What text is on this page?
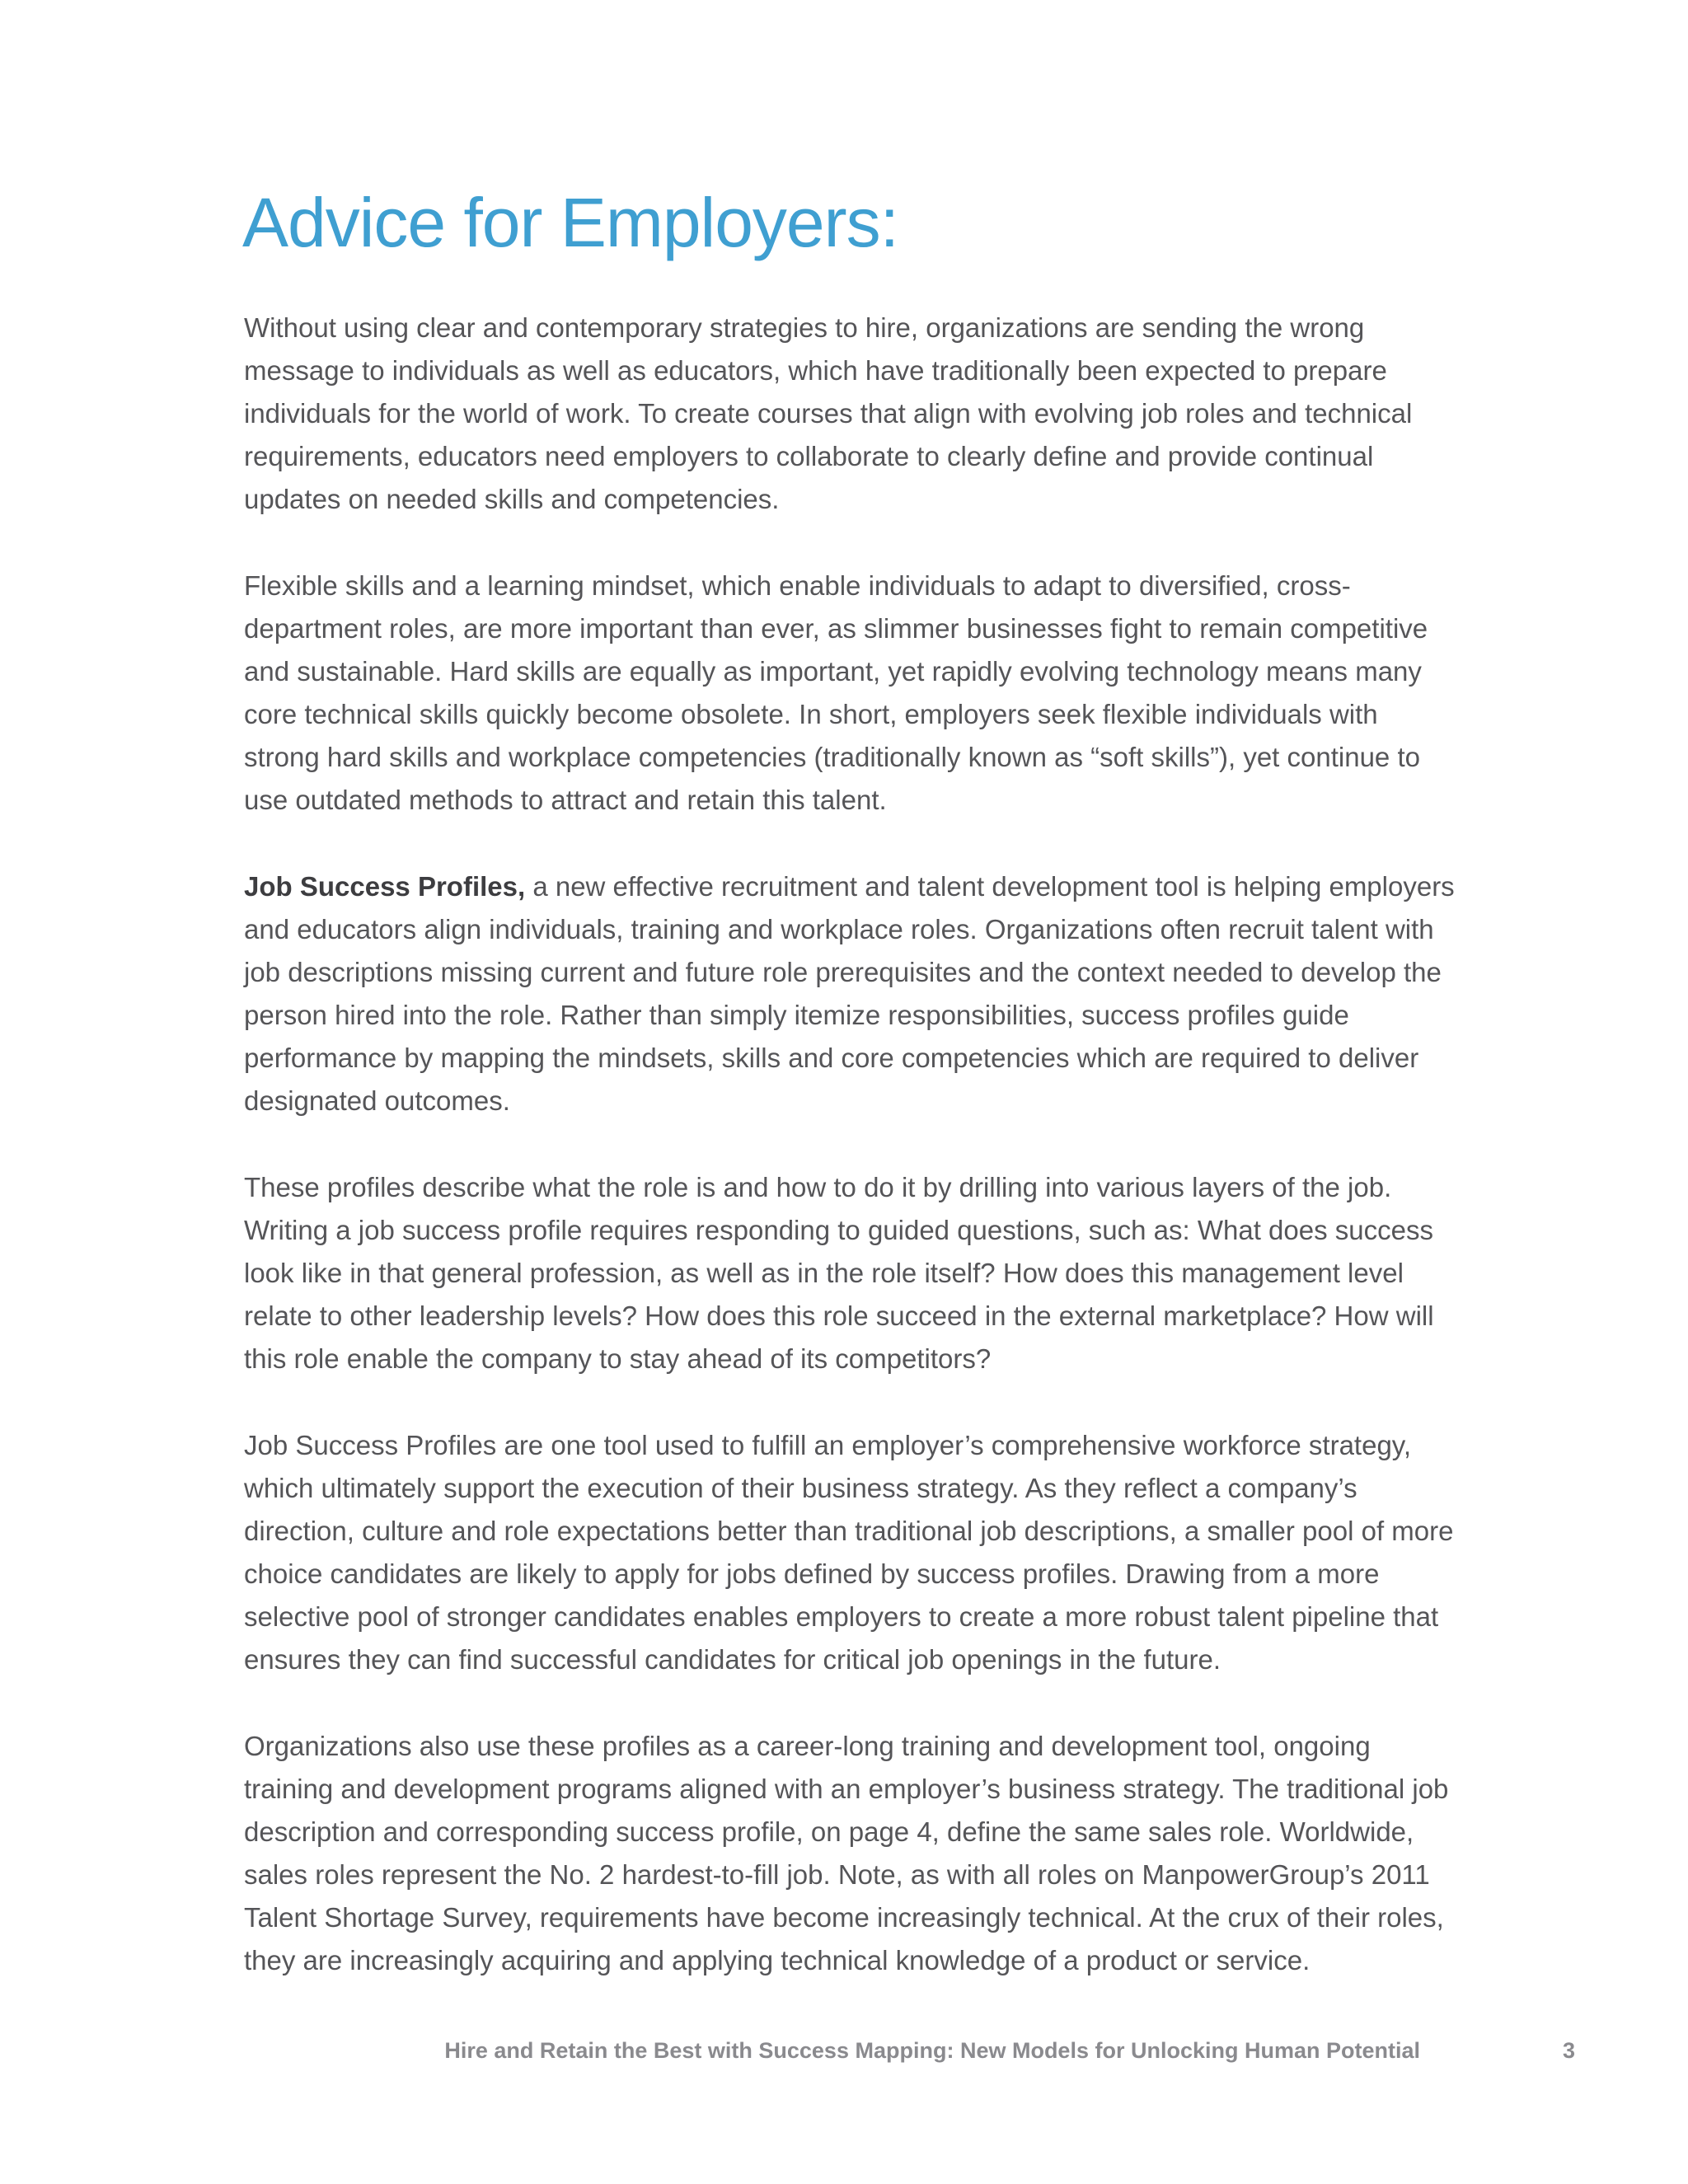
Advice for Employers:

Without using clear and contemporary strategies to hire, organizations are sending the wrong message to individuals as well as educators, which have traditionally been expected to prepare individuals for the world of work. To create courses that align with evolving job roles and technical requirements, educators need employers to collaborate to clearly define and provide continual updates on needed skills and competencies.

Flexible skills and a learning mindset, which enable individuals to adapt to diversified, cross-department roles, are more important than ever, as slimmer businesses fight to remain competitive and sustainable. Hard skills are equally as important, yet rapidly evolving technology means many core technical skills quickly become obsolete. In short, employers seek flexible individuals with strong hard skills and workplace competencies (traditionally known as “soft skills”), yet continue to use outdated methods to attract and retain this talent.

Job Success Profiles, a new effective recruitment and talent development tool is helping employers and educators align individuals, training and workplace roles. Organizations often recruit talent with job descriptions missing current and future role prerequisites and the context needed to develop the person hired into the role. Rather than simply itemize responsibilities, success profiles guide performance by mapping the mindsets, skills and core competencies which are required to deliver designated outcomes.

These profiles describe what the role is and how to do it by drilling into various layers of the job. Writing a job success profile requires responding to guided questions, such as: What does success look like in that general profession, as well as in the role itself? How does this management level relate to other leadership levels? How does this role succeed in the external marketplace? How will this role enable the company to stay ahead of its competitors?

Job Success Profiles are one tool used to fulfill an employer’s comprehensive workforce strategy, which ultimately support the execution of their business strategy. As they reflect a company’s direction, culture and role expectations better than traditional job descriptions, a smaller pool of more choice candidates are likely to apply for jobs defined by success profiles. Drawing from a more selective pool of stronger candidates enables employers to create a more robust talent pipeline that ensures they can find successful candidates for critical job openings in the future.

Organizations also use these profiles as a career-long training and development tool, ongoing training and development programs aligned with an employer’s business strategy. The traditional job description and corresponding success profile, on page 4, define the same sales role. Worldwide, sales roles represent the No. 2 hardest-to-fill job. Note, as with all roles on ManpowerGroup’s 2011 Talent Shortage Survey, requirements have become increasingly technical. At the crux of their roles, they are increasingly acquiring and applying technical knowledge of a product or service.

Hire and Retain the Best with Success Mapping: New Models for Unlocking Human Potential	3
